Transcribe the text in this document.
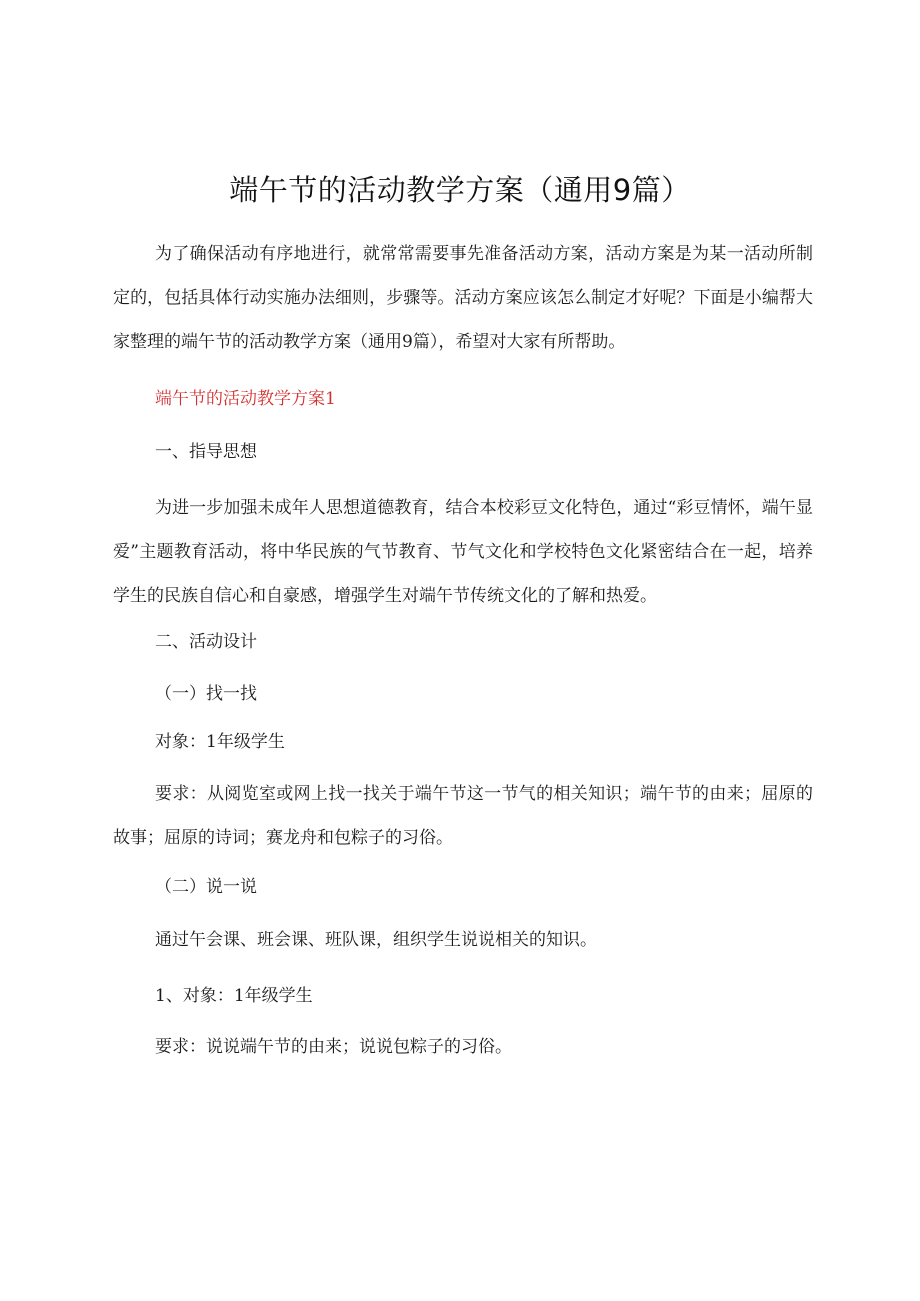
端午节的活动教学方案（通用9篇）

为了确保活动有序地进行，就常常需要事先准备活动方案，活动方案是为某一活动所制定的，包括具体行动实施办法细则，步骤等。活动方案应该怎么制定才好呢？下面是小编帮大家整理的端午节的活动教学方案（通用9篇），希望对大家有所帮助。

端午节的活动教学方案1

一、指导思想

为进一步加强未成年人思想道德教育，结合本校彩豆文化特色，通过“彩豆情怀，端午显爱”主题教育活动，将中华民族的气节教育、节气文化和学校特色文化紧密结合在一起，培养学生的民族自信心和自豪感，增强学生对端午节传统文化的了解和热爱。

二、活动设计

（一）找一找

对象：1年级学生

要求：从阅览室或网上找一找关于端午节这一节气的相关知识；端午节的由来；屈原的故事；屈原的诗词；赛龙舟和包粽子的习俗。

（二）说一说

通过午会课、班会课、班队课，组织学生说说相关的知识。

1、对象：1年级学生

要求：说说端午节的由来；说说包粽子的习俗。
